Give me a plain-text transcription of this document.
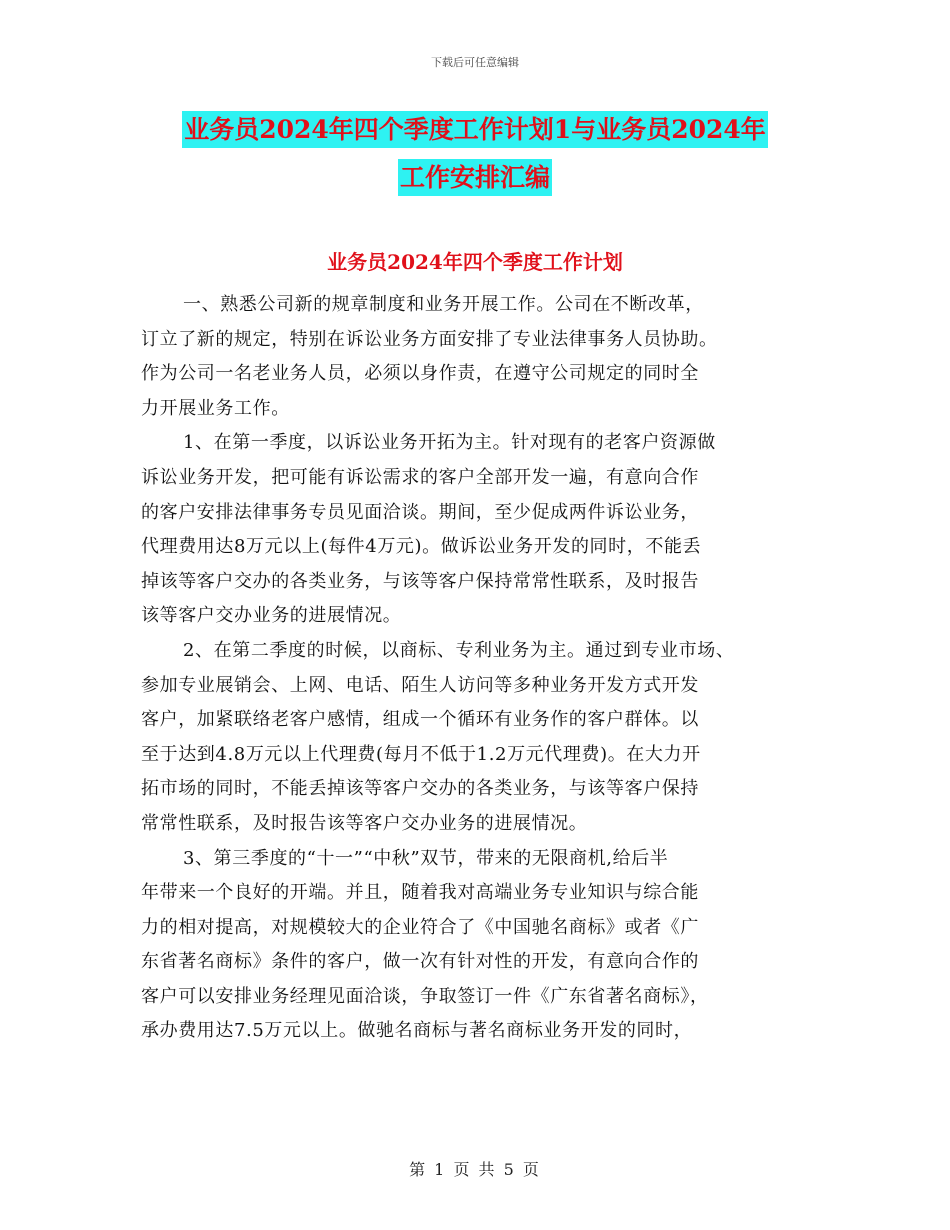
下载后可任意编辑
业务员2024年四个季度工作计划1与业务员2024年
工作安排汇编
业务员2024年四个季度工作计划
一、熟悉公司新的规章制度和业务开展工作。公司在不断改革，
订立了新的规定，特别在诉讼业务方面安排了专业法律事务人员协助。
作为公司一名老业务人员，必须以身作责，在遵守公司规定的同时全
力开展业务工作。
1、在第一季度，以诉讼业务开拓为主。针对现有的老客户资源做
诉讼业务开发，把可能有诉讼需求的客户全部开发一遍，有意向合作
的客户安排法律事务专员见面洽谈。期间，至少促成两件诉讼业务，
代理费用达8万元以上(每件4万元)。做诉讼业务开发的同时，不能丢
掉该等客户交办的各类业务，与该等客户保持常常性联系，及时报告
该等客户交办业务的进展情况。
2、在第二季度的时候，以商标、专利业务为主。通过到专业市场、
参加专业展销会、上网、电话、陌生人访问等多种业务开发方式开发
客户，加紧联络老客户感情，组成一个循环有业务作的客户群体。以
至于达到4.8万元以上代理费(每月不低于1.2万元代理费)。在大力开
拓市场的同时，不能丢掉该等客户交办的各类业务，与该等客户保持
常常性联系，及时报告该等客户交办业务的进展情况。
3、第三季度的“十一”“中秋”双节，带来的无限商机,给后半
年带来一个良好的开端。并且，随着我对高端业务专业知识与综合能
力的相对提高，对规模较大的企业符合了《中国驰名商标》或者《广
东省著名商标》条件的客户，做一次有针对性的开发，有意向合作的
客户可以安排业务经理见面洽谈，争取签订一件《广东省著名商标》，
承办费用达7.5万元以上。做驰名商标与著名商标业务开发的同时，
第 1 页 共 5 页
